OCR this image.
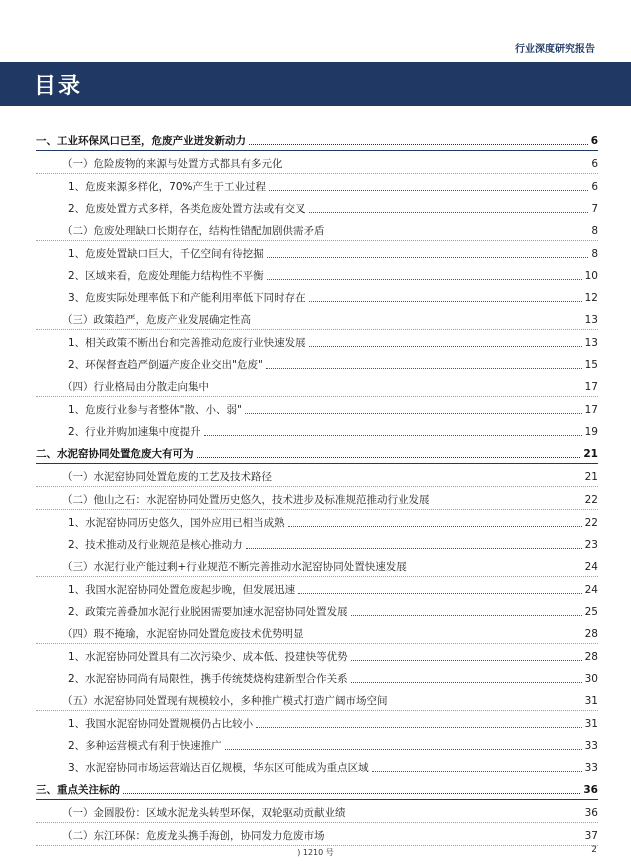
行业深度研究报告
目录
一、工业环保风口已至，危废产业迸发新动力	6
（一）危险废物的来源与处置方式都具有多元化	6
1、危废来源多样化，70%产生于工业过程	6
2、危废处置方式多样，各类危废处置方法或有交叉	7
（二）危废处理缺口长期存在，结构性错配加剧供需矛盾	8
1、危废处置缺口巨大，千亿空间有待挖掘	8
2、区域来看，危废处理能力结构性不平衡	10
3、危废实际处理率低下和产能利用率低下同时存在	12
（三）政策趋严，危废产业发展确定性高	13
1、相关政策不断出台和完善推动危废行业快速发展	13
2、环保督查趋严倒逼产废企业交出"危废"	15
（四）行业格局由分散走向集中	17
1、危废行业参与者整体"散、小、弱"	17
2、行业并购加速集中度提升	19
二、水泥窑协同处置危废大有可为	21
（一）水泥窑协同处置危废的工艺及技术路径	21
（二）他山之石：水泥窑协同处置历史悠久，技术进步及标准规范推动行业发展	22
1、水泥窑协同历史悠久，国外应用已相当成熟	22
2、技术推动及行业规范是核心推动力	23
（三）水泥行业产能过剩+行业规范不断完善推动水泥窑协同处置快速发展	24
1、我国水泥窑协同处置危废起步晚，但发展迅速	24
2、政策完善叠加水泥行业脱困需要加速水泥窑协同处置发展	25
（四）瑕不掩瑜，水泥窑协同处置危废技术优势明显	28
1、水泥窑协同处置具有二次污染少、成本低、投建快等优势	28
2、水泥窑协同尚有局限性，携手传统焚烧构建新型合作关系	30
（五）水泥窑协同处置现有规模较小，多种推广模式打造广阔市场空间	31
1、我国水泥窑协同处置规模仍占比较小	31
2、多种运营模式有利于快速推广	33
3、水泥窑协同市场运营端达百亿规模，华东区可能成为重点区域	33
三、重点关注标的	36
（一）金圆股份：区域水泥龙头转型环保，双轮驱动贡献业绩	36
（二）东江环保：危废龙头携手海创，协同发力危废市场	37
) 1210 号	2
